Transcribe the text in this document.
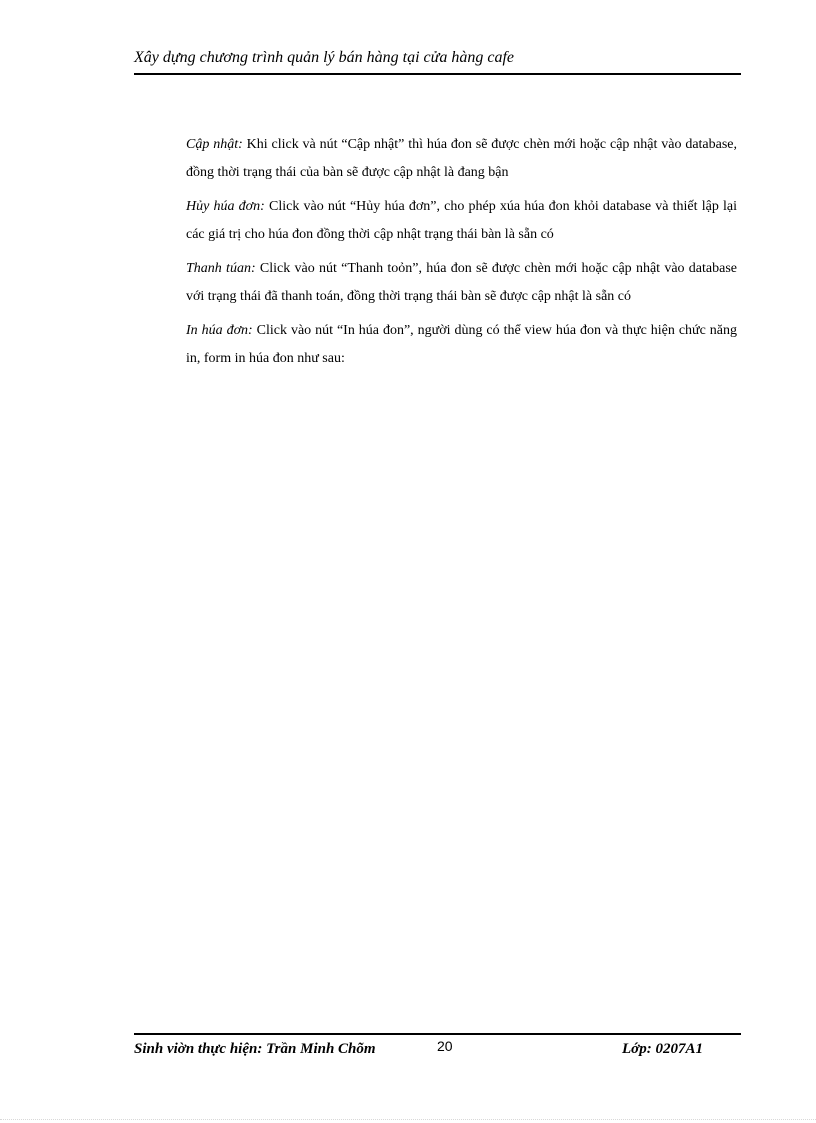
Xây dựng chương trình quản lý bán hàng tại cửa hàng cafe

Cập nhật: Khi click và nút “Cập nhật” thì húa đon sẽ được chèn mới hoặc cập nhật vào database, đồng thời trạng thái của bàn sẽ được cập nhật là đang bận

Hủy húa đơn: Click vào nút “Hủy húa đơn”, cho phép xúa húa đon khỏi database và thiết lập lại các giá trị cho húa đon đồng thời cập nhật trạng thái bàn là sẵn có

Thanh túan: Click vào nút “Thanh toỏn”, húa đon sẽ được chèn mới hoặc cập nhật vào database với trạng thái đã thanh toán, đồng thời trạng thái bàn sẽ được cập nhật là sẵn có

In húa đơn: Click vào nút “In húa đon”, người dùng có thể view húa đon và thực hiện chức năng in, form in húa đon như sau:

Sinh viờn thực hiện: Trần Minh Chõm	20	Lớp: 0207A1
